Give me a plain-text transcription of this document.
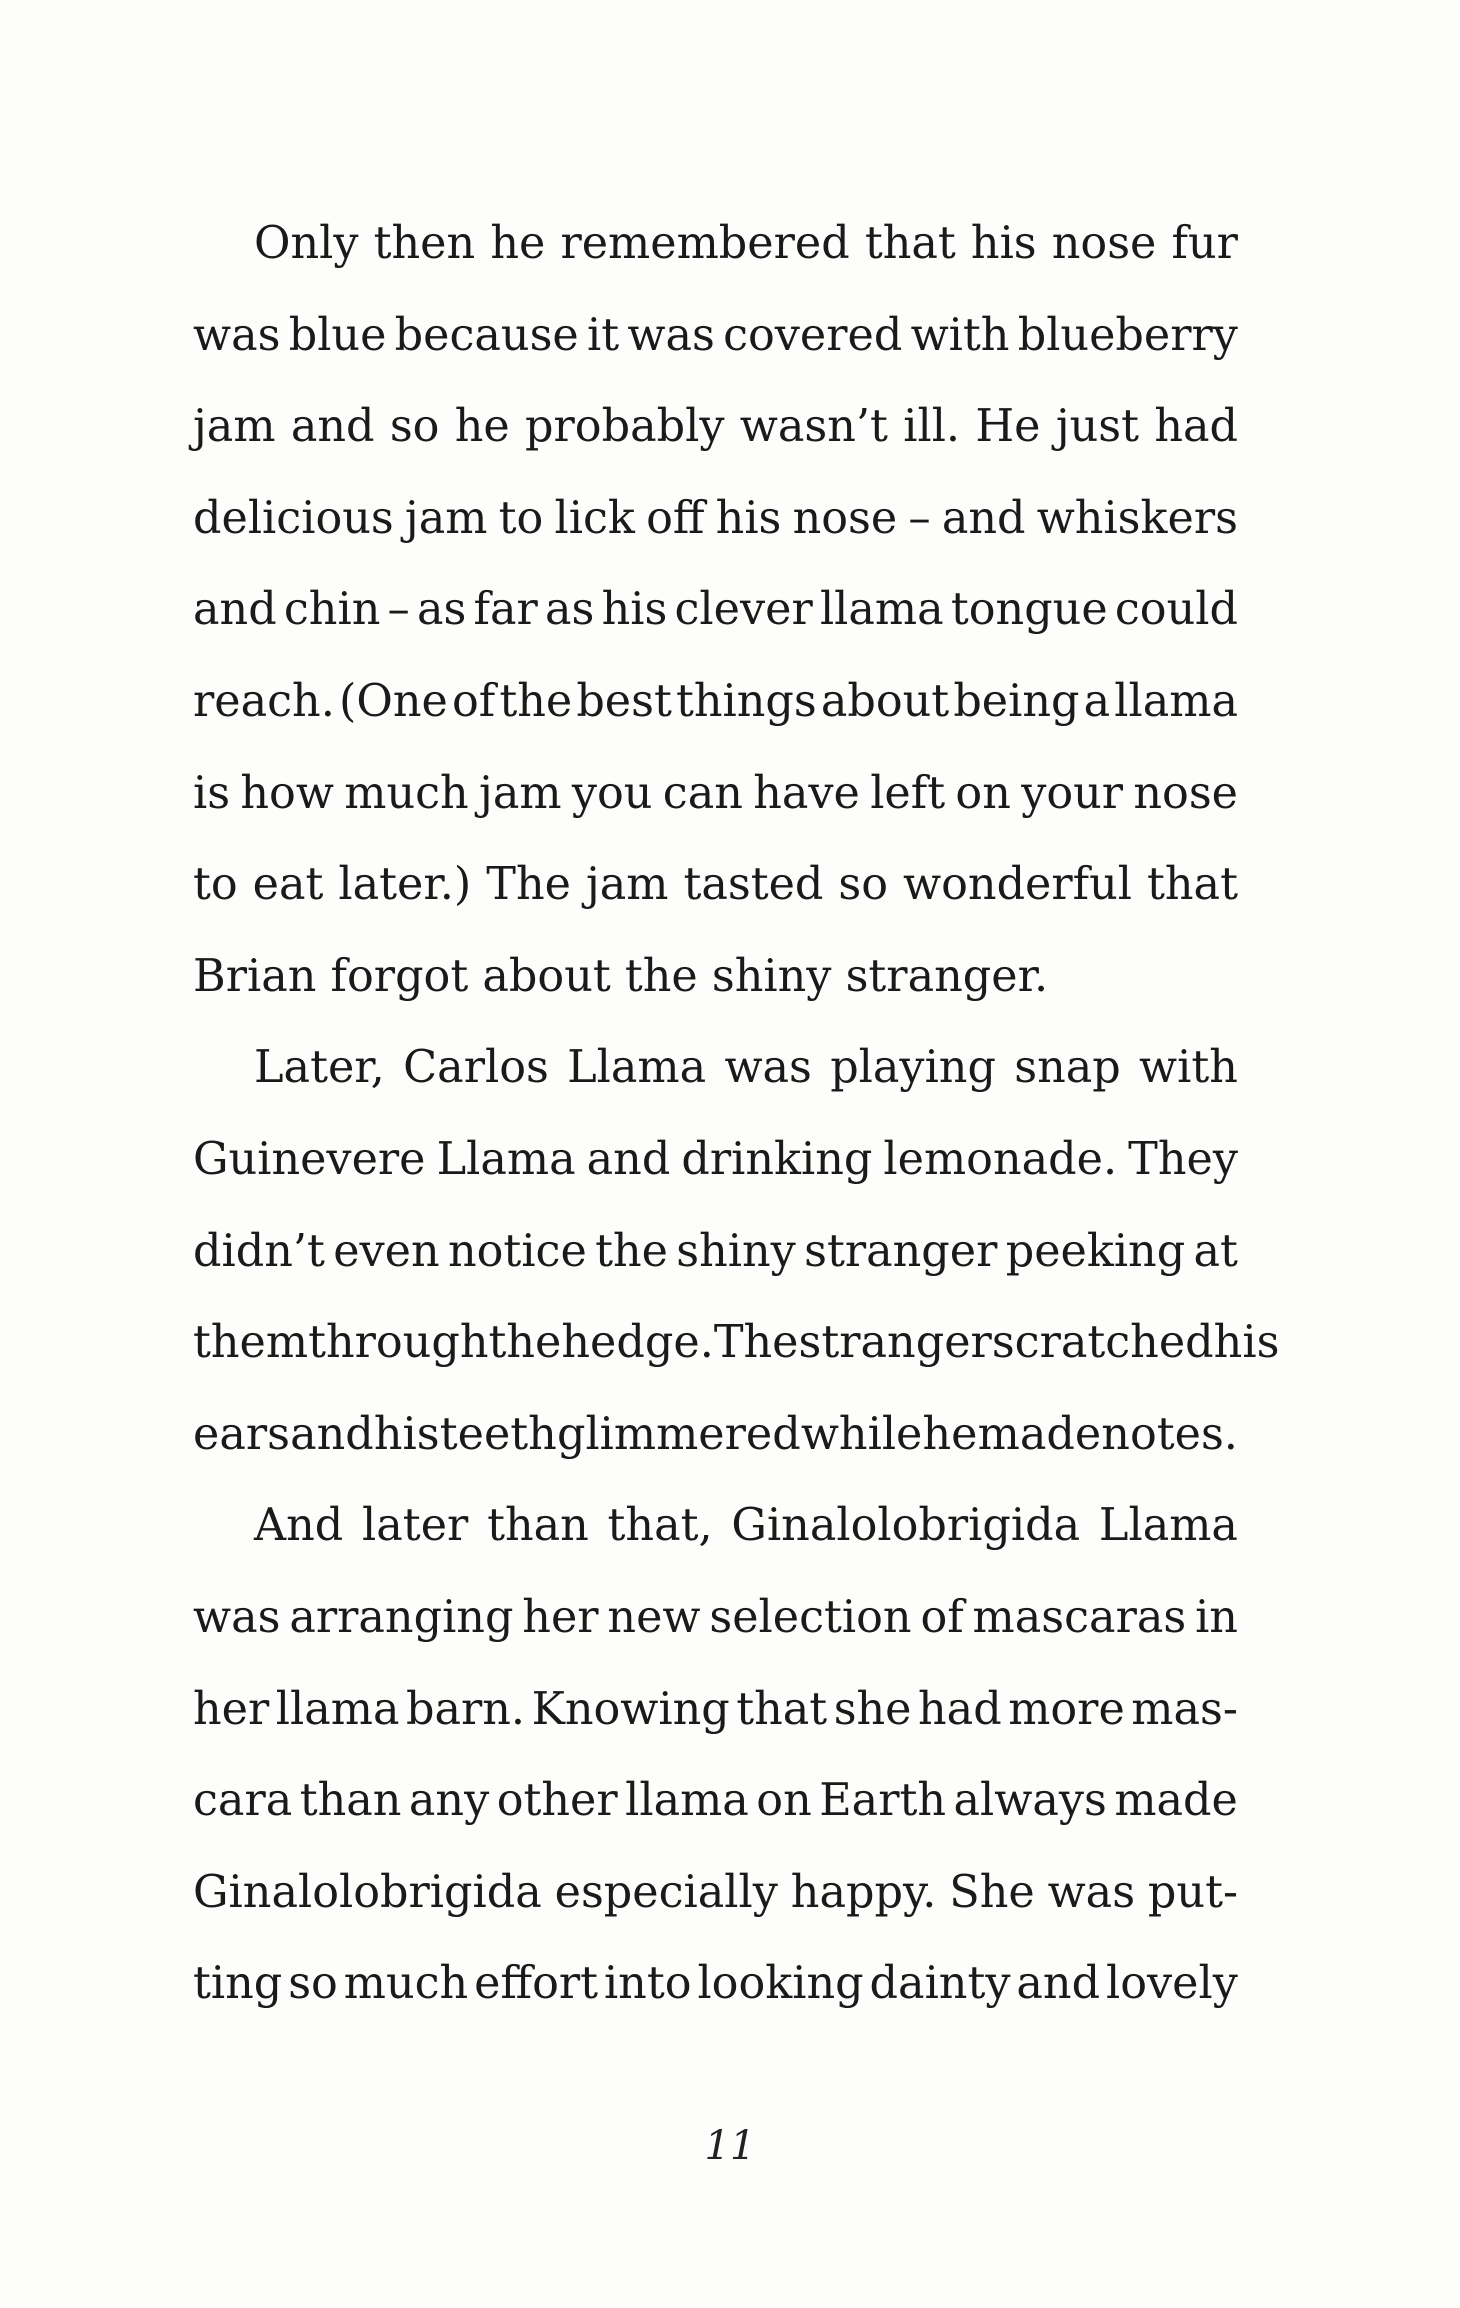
Only then he remembered that his nose fur
was blue because it was covered with blueberry
jam and so he probably wasn’t ill. He just had
delicious jam to lick off his nose – and whiskers
and chin – as far as his clever llama tongue could
reach. (One of the best things about being a llama
is how much jam you can have left on your nose
to eat later.) The jam tasted so wonderful that
Brian forgot about the shiny stranger.
Later, Carlos Llama was playing snap with
Guinevere Llama and drinking lemonade. They
didn’t even notice the shiny stranger peeking at
them through the hedge. The stranger scratched his
ears and his teeth glimmered while he made notes.
And later than that, Ginalolobrigida Llama
was arranging her new selection of mascaras in
her llama barn. Knowing that she had more mas-
cara than any other llama on Earth always made
Ginalolobrigida especially happy. She was put-
ting so much effort into looking dainty and lovely
11
